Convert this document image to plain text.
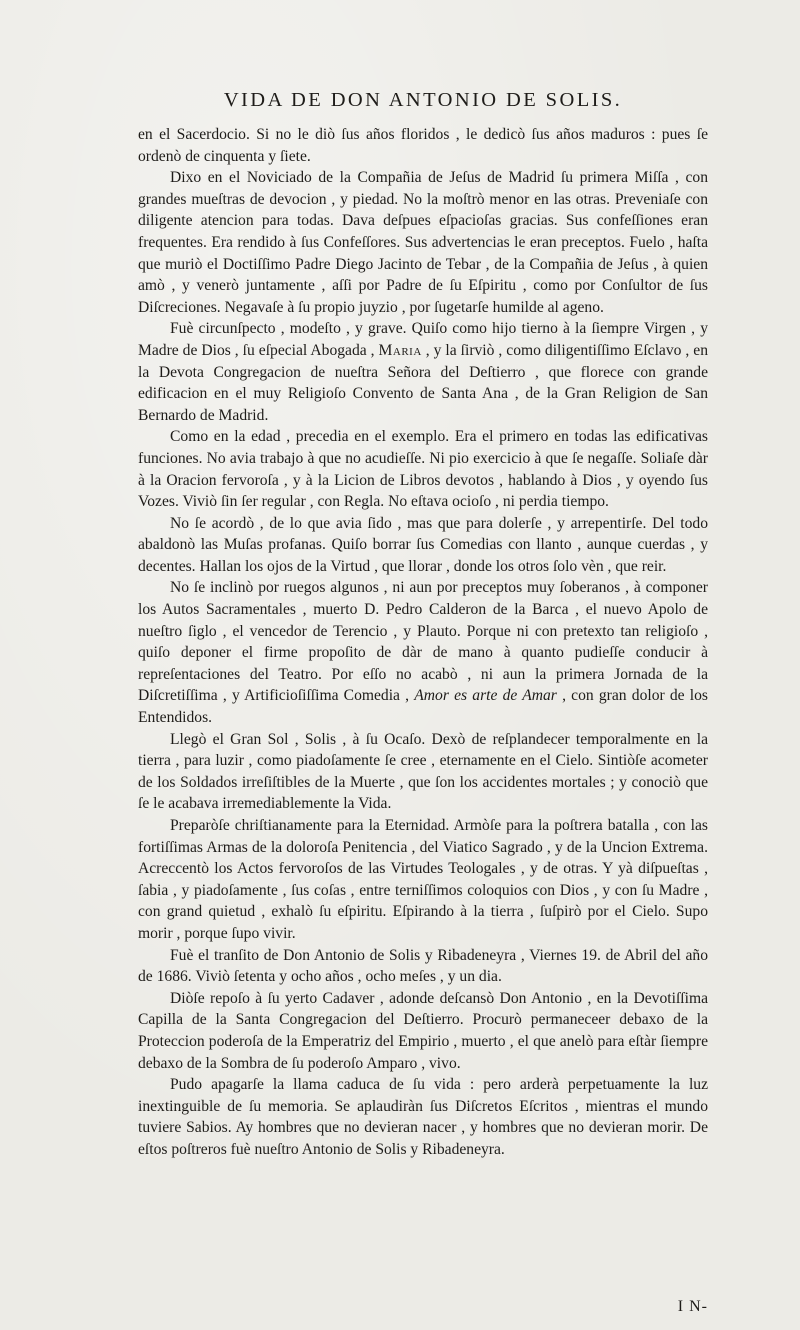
VIDA DE DON ANTONIO DE SOLIS.

en el Sacerdocio. Si no le diò ſus años floridos , le dedicò ſus años maduros : pues ſe ordenò de cinquenta y ſiete.

Dixo en el Noviciado de la Compañia de Jeſus de Madrid ſu primera Miſſa , con grandes mueſtras de devocion , y piedad. No la moſtrò menor en las otras. Preveniaſe con diligente atencion para todas. Dava deſpues eſpacioſas gracias. Sus confeſſiones eran frequentes. Era rendido à ſus Confeſſores. Sus advertencias le eran preceptos. Fuelo , haſta que muriò el Doctiſſimo Padre Diego Jacinto de Tebar , de la Compañia de Jeſus , à quien amò , y venerò juntamente , aſſi por Padre de ſu Eſpiritu , como por Conſultor de ſus Diſcreciones. Negavaſe à ſu propio juyzio , por ſugetarſe humilde al ageno.

Fuè circunſpecto , modeſto , y grave. Quiſo como hijo tierno à la ſiempre Virgen , y Madre de Dios , ſu eſpecial Abogada , Maria , y la ſirviò , como diligentiſſimo Eſclavo , en la Devota Congregacion de nueſtra Señora del Deſtierro , que florece con grande edificacion en el muy Religioſo Convento de Santa Ana , de la Gran Religion de San Bernardo de Madrid.

Como en la edad , precedia en el exemplo. Era el primero en todas las edificativas funciones. No avia trabajo à que no acudieſſe. Ni pio exercicio à que ſe negaſſe. Soliaſe dàr à la Oracion fervoroſa , y à la Licion de Libros devotos , hablando à Dios , y oyendo ſus Vozes. Viviò ſin ſer regular , con Regla. No eſtava ocioſo , ni perdia tiempo.

No ſe acordò , de lo que avia ſido , mas que para dolerſe , y arrepentirſe. Del todo abaldonò las Muſas profanas. Quiſo borrar ſus Comedias con llanto , aunque cuerdas , y decentes. Hallan los ojos de la Virtud , que llorar , donde los otros ſolo vèn , que reir.

No ſe inclinò por ruegos algunos , ni aun por preceptos muy ſoberanos , à componer los Autos Sacramentales , muerto D. Pedro Calderon de la Barca , el nuevo Apolo de nueſtro ſiglo , el vencedor de Terencio , y Plauto. Porque ni con pretexto tan religioſo , quiſo deponer el firme propoſito de dàr de mano à quanto pudieſſe conducir à repreſentaciones del Teatro. Por eſſo no acabò , ni aun la primera Jornada de la Diſcretiſſima , y Artificioſiſſima Comedia , Amor es arte de Amar , con gran dolor de los Entendidos.

Llegò el Gran Sol , Solis , à ſu Ocaſo. Dexò de reſplandecer temporalmente en la tierra , para luzir , como piadoſamente ſe cree , eternamente en el Cielo. Sintiòſe acometer de los Soldados irreſiſtibles de la Muerte , que ſon los accidentes mortales ; y conociò que ſe le acabava irremediablemente la Vida.

Preparòſe chriſtianamente para la Eternidad. Armòſe para la poſtrera batalla , con las fortiſſimas Armas de la doloroſa Penitencia , del Viatico Sagrado , y de la Uncion Extrema. Acreccentò los Actos fervoroſos de las Virtudes Teologales , y de otras. Y yà diſpueſtas , ſabia , y piadoſamente , ſus coſas , entre terniſſimos coloquios con Dios , y con ſu Madre , con grand quietud , exhalò ſu eſpiritu. Eſpirando à la tierra , ſuſpirò por el Cielo. Supo morir , porque ſupo vivir.

Fuè el tranſito de Don Antonio de Solis y Ribadeneyra , Viernes 19. de Abril del año de 1686. Viviò ſetenta y ocho años , ocho meſes , y un dia.

Diòſe repoſo à ſu yerto Cadaver , adonde deſcansò Don Antonio , en la Devotiſſima Capilla de la Santa Congregacion del Deſtierro. Procurò permaneceer debaxo de la Proteccion poderoſa de la Emperatriz del Empirio , muerto , el que anelò para eſtàr ſiempre debaxo de la Sombra de ſu poderoſo Amparo , vivo.

Pudo apagarſe la llama caduca de ſu vida : pero arderà perpetuamente la luz inextinguible de ſu memoria. Se aplaudiràn ſus Diſcretos Eſcritos , mientras el mundo tuviere Sabios. Ay hombres que no devieran nacer , y hombres que no devieran morir. De eſtos poſtreros fuè nueſtro Antonio de Solis y Ribadeneyra.

I N-
